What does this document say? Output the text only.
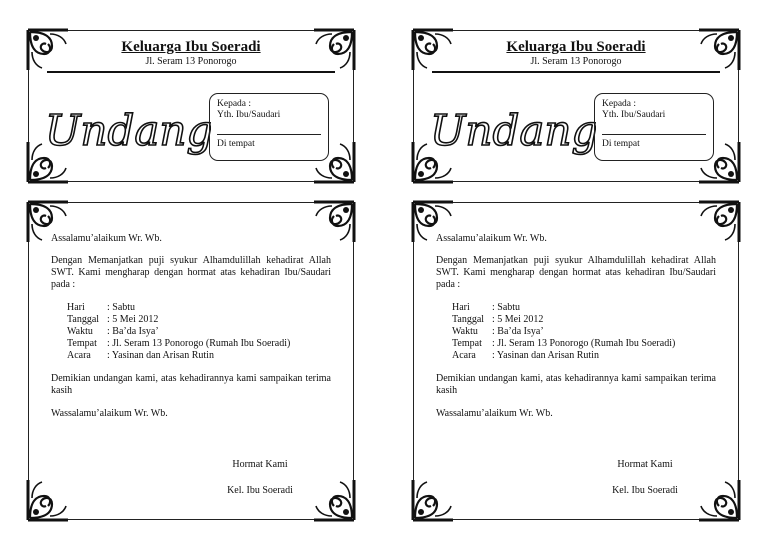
Keluarga Ibu Soeradi
Jl. Seram 13 Ponorogo
Undang
Kepada :
Yth. Ibu/Saudari
Di tempat
Keluarga Ibu Soeradi
Jl. Seram 13 Ponorogo
Undang
Kepada :
Yth. Ibu/Saudari
Di tempat
Assalamu’alaikum Wr. Wb.
Dengan Memanjatkan puji syukur Alhamdulillah kehadirat Allah SWT. Kami mengharap dengan hormat atas kehadiran Ibu/Saudari pada :
Hari	: Sabtu
Tanggal	: 5 Mei 2012
Waktu	: Ba’da Isya’
Tempat	: Jl. Seram 13 Ponorogo (Rumah Ibu Soeradi)
Acara	: Yasinan dan Arisan Rutin
Demikian undangan kami, atas kehadirannya kami sampaikan terima kasih
Wassalamu’alaikum Wr. Wb.
Hormat Kami
Kel. Ibu Soeradi
Assalamu’alaikum Wr. Wb.
Dengan Memanjatkan puji syukur Alhamdulillah kehadirat Allah SWT. Kami mengharap dengan hormat atas kehadiran Ibu/Saudari pada :
Hari	: Sabtu
Tanggal	: 5 Mei 2012
Waktu	: Ba’da Isya’
Tempat	: Jl. Seram 13 Ponorogo (Rumah Ibu Soeradi)
Acara	: Yasinan dan Arisan Rutin
Demikian undangan kami, atas kehadirannya kami sampaikan terima kasih
Wassalamu’alaikum Wr. Wb.
Hormat Kami
Kel. Ibu Soeradi
